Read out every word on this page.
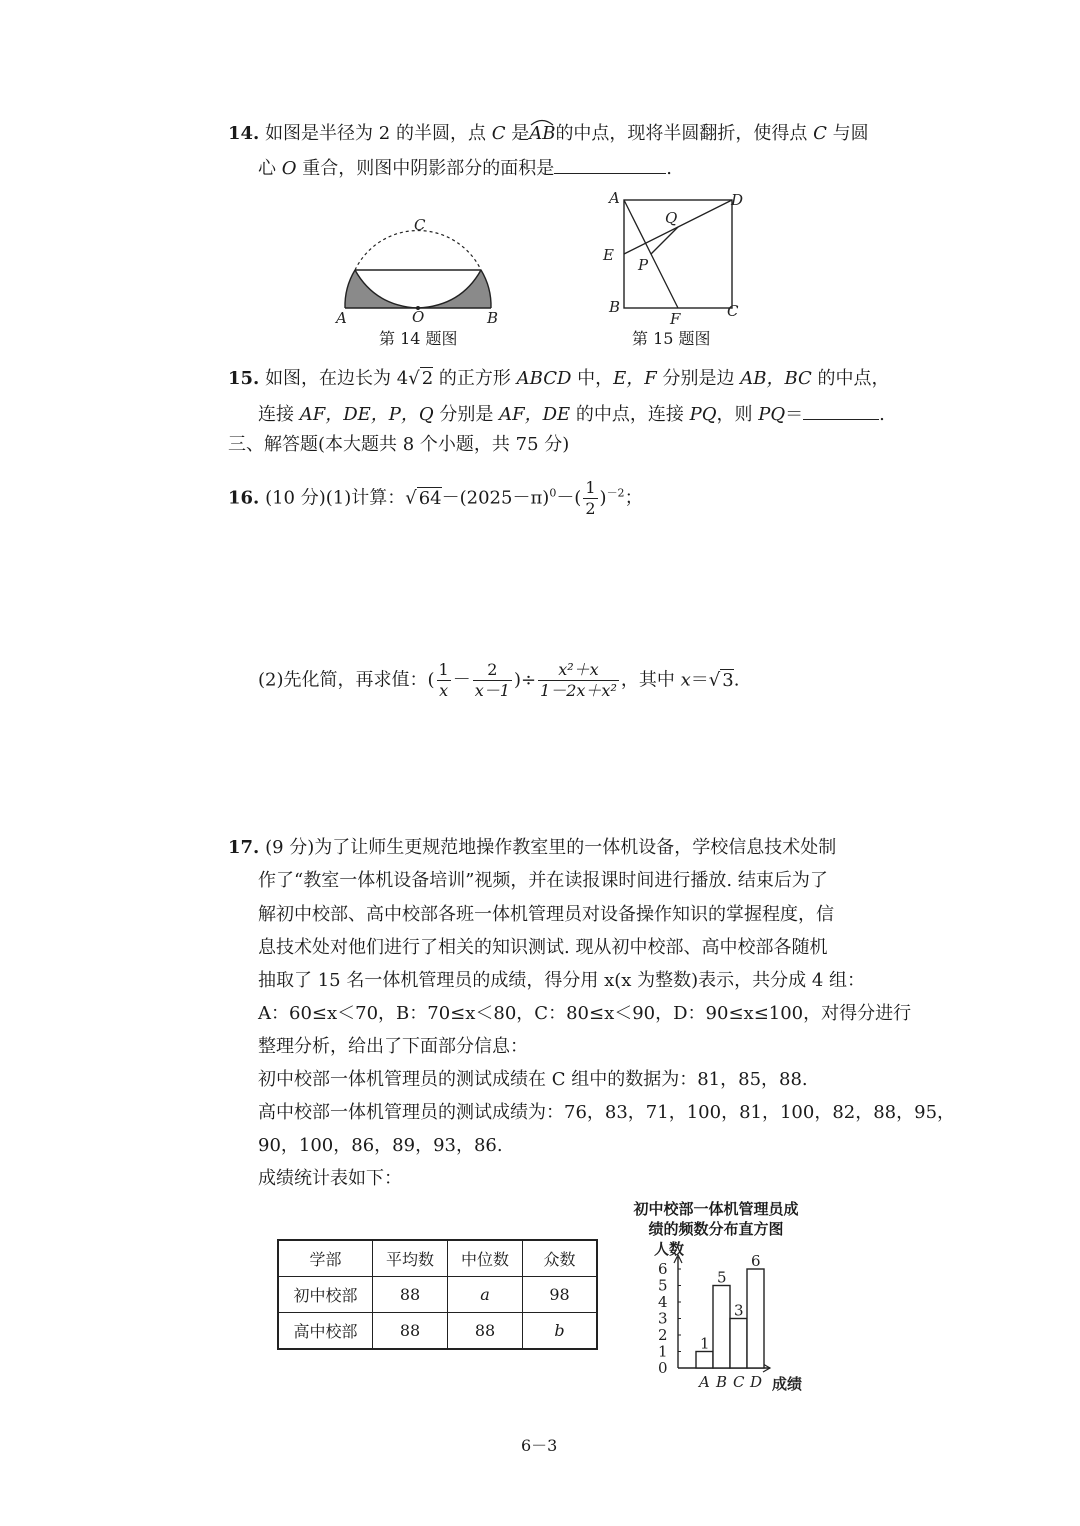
14. 如图是半径为 2 的半圆，点 C 是
AB的中点，现将半圆翻折，使得点 C 与圆
心 O 重合，则图中阴影部分的面积是	.
C
A	O	B
第 14 题图
A	D
Q
E
P
B
F	C
第 15 题图
15. 如图，在边长为 4√ 2 的正方形 ABCD 中，E，F 分别是边 AB，BC 的中点，
连接 AF，DE，P，Q 分别是 AF，DE 的中点，连接 PQ，则 PQ＝	.
三、解答题(本大题共 8 个小题，共 75 分)
16. (10 分)(1)计算：√ $64-(2025-\pi)^0-( \frac{1}{2} )^{-2}$；
(2)先化简，再求值：( $\frac{1}{x} - \frac{2}{x-1}$ )÷ $\frac{\text{x²＋x}}{\text{1－2x＋x²}}$ ，其中 x＝√ 3.
17. (9 分)为了让师生更规范地操作教室里的一体机设备，学校信息技术处制
作了“教室一体机设备培训”视频，并在读报课时间进行播放. 结束后为了
解初中校部、高中校部各班一体机管理员对设备操作知识的掌握程度，信
息技术处对他们进行了相关的知识测试. 现从初中校部、高中校部各随机
抽取了 15 名一体机管理员的成绩，得分用 x(x 为整数)表示，共分成 4 组：
A：60≤x＜70，B：70≤x＜80，C：80≤x＜90，D：90≤x≤100，对得分进行
整理分析，给出了下面部分信息：
初中校部一体机管理员的测试成绩在 C 组中的数据为：81，85，88.
高中校部一体机管理员的测试成绩为：76，83，71，100，81，100，82，88，95，
90，100，86，89，93，86.
成绩统计表如下：
学部	平均数	中位数	众数
初中校部	88	a	98
高中校部	88	88	b
初中校部一体机管理员成
绩的频数分布直方图
0
1
2
3
4
5
6
人数
1
A
5
B
3
C
6
D 成绩
6－3
